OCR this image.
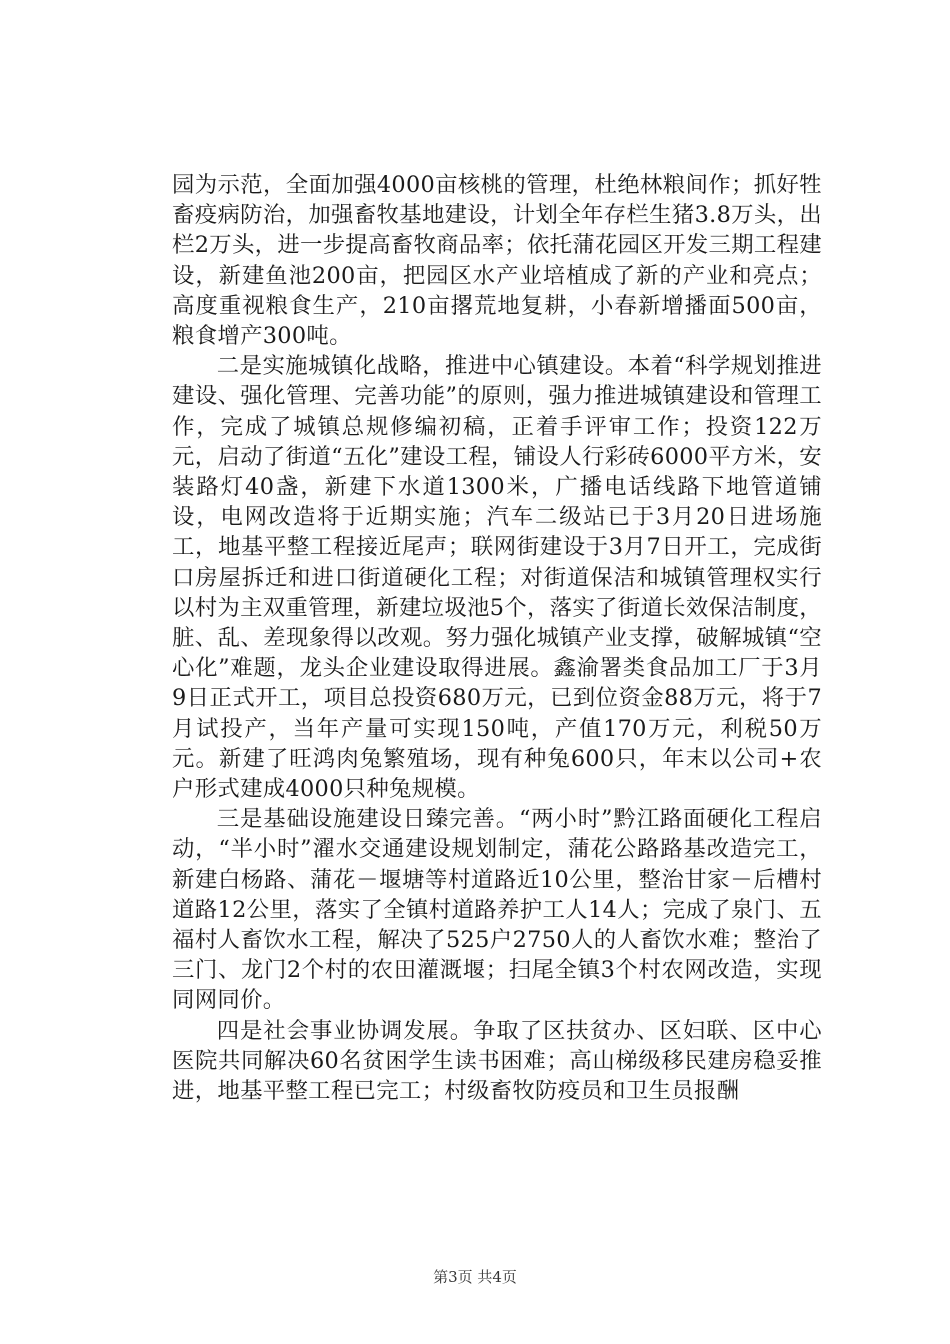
园为示范，全面加强4000亩核桃的管理，杜绝林粮间作；抓好牲畜疫病防治，加强畜牧基地建设，计划全年存栏生猪3.8万头，出栏2万头，进一步提高畜牧商品率；依托蒲花园区开发三期工程建设，新建鱼池200亩，把园区水产业培植成了新的产业和亮点；高度重视粮食生产，210亩撂荒地复耕，小春新增播面500亩，粮食增产300吨。

二是实施城镇化战略，推进中心镇建设。本着“科学规划推进建设、强化管理、完善功能”的原则，强力推进城镇建设和管理工作，完成了城镇总规修编初稿，正着手评审工作；投资122万元，启动了街道“五化”建设工程，铺设人行彩砖6000平方米，安装路灯40盏，新建下水道1300米，广播电话线路下地管道铺设，电网改造将于近期实施；汽车二级站已于3月20日进场施工，地基平整工程接近尾声；联网街建设于3月7日开工，完成街口房屋拆迁和进口街道硬化工程；对街道保洁和城镇管理权实行以村为主双重管理，新建垃圾池5个，落实了街道长效保洁制度，脏、乱、差现象得以改观。努力强化城镇产业支撑，破解城镇“空心化”难题，龙头企业建设取得进展。鑫渝署类食品加工厂于3月9日正式开工，项目总投资680万元，已到位资金88万元，将于7月试投产，当年产量可实现150吨，产值170万元，利税50万元。新建了旺鸿肉兔繁殖场，现有种兔600只，年末以公司+农户形式建成4000只种兔规模。

三是基础设施建设日臻完善。“两小时”黔江路面硬化工程启动，“半小时”濯水交通建设规划制定，蒲花公路路基改造完工，新建白杨路、蒲花－堰塘等村道路近10公里，整治甘家－后槽村道路12公里，落实了全镇村道路养护工人14人；完成了泉门、五福村人畜饮水工程，解决了525户2750人的人畜饮水难；整治了三门、龙门2个村的农田灌溉堰；扫尾全镇3个村农网改造，实现同网同价。

四是社会事业协调发展。争取了区扶贫办、区妇联、区中心医院共同解决60名贫困学生读书困难；高山梯级移民建房稳妥推进，地基平整工程已完工；村级畜牧防疫员和卫生员报酬

第3页 共4页
